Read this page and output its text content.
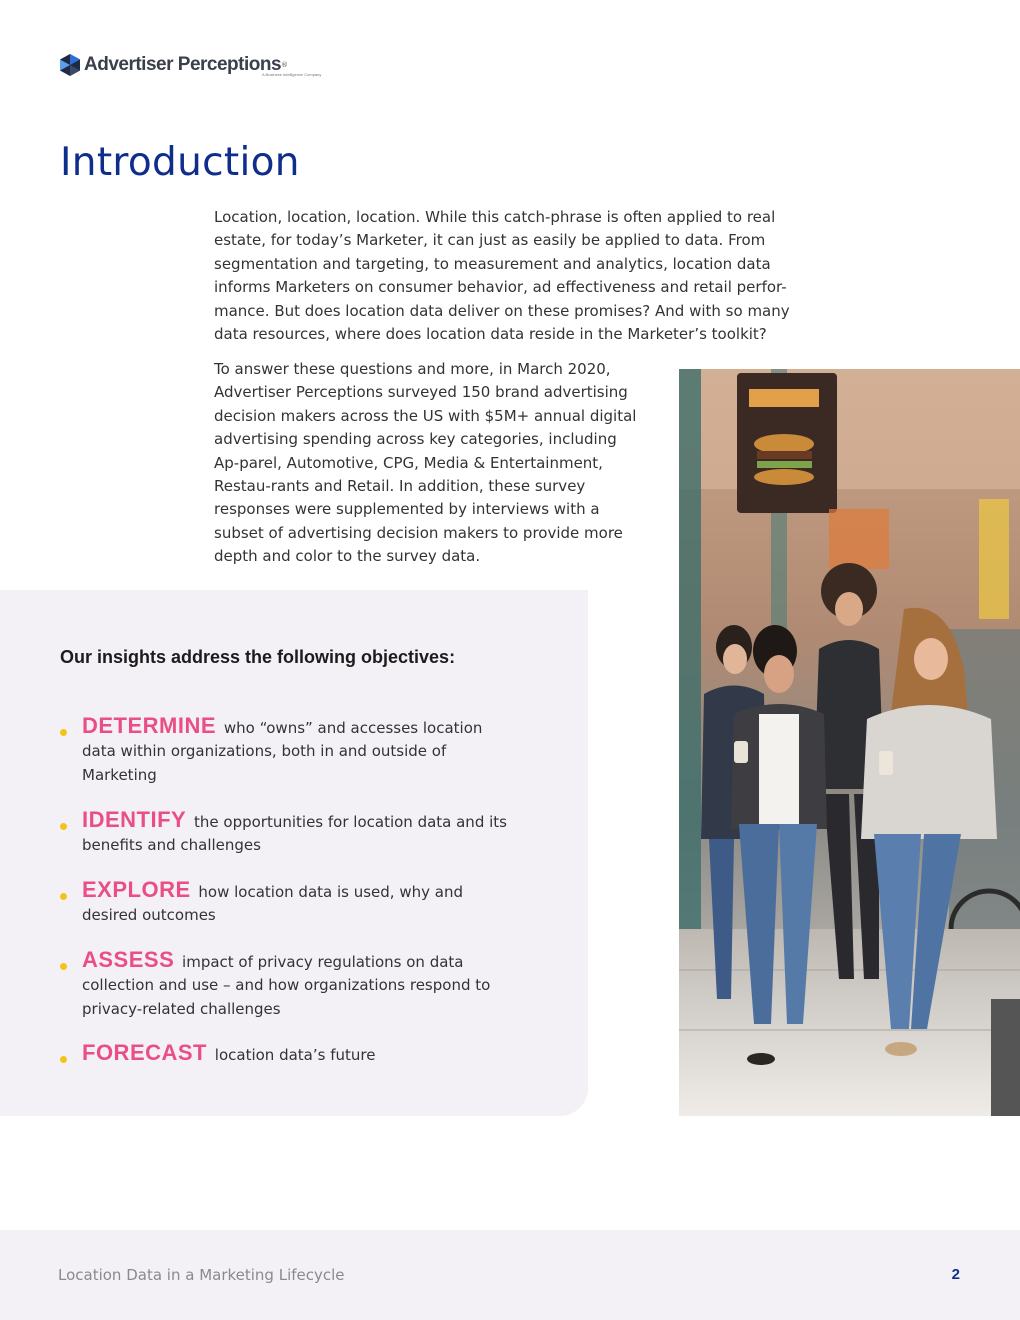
Advertiser Perceptions ®
A Business Intelligence Company
Introduction

Location, location, location. While this catch-phrase is often applied to real estate, for today’s Marketer, it can just as easily be applied to data. From segmentation and targeting, to measurement and analytics, location data informs Marketers on consumer behavior, ad effectiveness and retail perfor-mance. But does location data deliver on these promises? And with so many data resources, where does location data reside in the Marketer’s toolkit?

To answer these questions and more, in March 2020, Advertiser Perceptions surveyed 150 brand advertising decision makers across the US with $5M+ annual digital advertising spending across key categories, including Ap-parel, Automotive, CPG, Media & Entertainment, Restau-rants and Retail. In addition, these survey responses were supplemented by interviews with a subset of advertising decision makers to provide more depth and color to the survey data.

Our insights address the following objectives:
DETERMINE who “owns” and accesses location data within organizations, both in and outside of Marketing
IDENTIFY the opportunities for location data and its benefits and challenges
EXPLORE how location data is used, why and desired outcomes
ASSESS impact of privacy regulations on data collection and use – and how organizations respond to privacy-related challenges
FORECAST location data’s future
Location Data in a Marketing Lifecycle	2
